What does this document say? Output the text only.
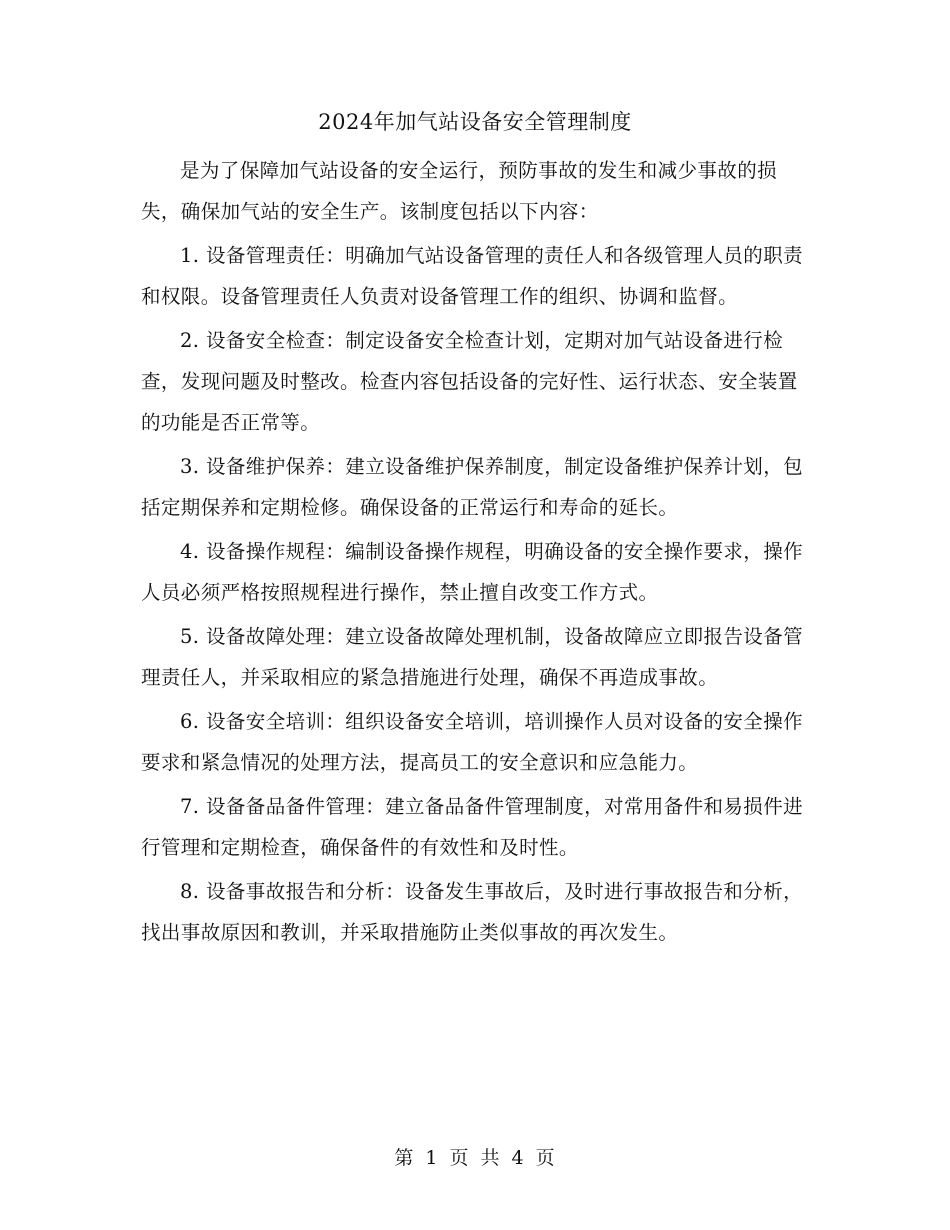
2024年加气站设备安全管理制度

是为了保障加气站设备的安全运行，预防事故的发生和减少事故的损失，确保加气站的安全生产。该制度包括以下内容：

1. 设备管理责任：明确加气站设备管理的责任人和各级管理人员的职责和权限。设备管理责任人负责对设备管理工作的组织、协调和监督。

2. 设备安全检查：制定设备安全检查计划，定期对加气站设备进行检查，发现问题及时整改。检查内容包括设备的完好性、运行状态、安全装置的功能是否正常等。

3. 设备维护保养：建立设备维护保养制度，制定设备维护保养计划，包括定期保养和定期检修。确保设备的正常运行和寿命的延长。

4. 设备操作规程：编制设备操作规程，明确设备的安全操作要求，操作人员必须严格按照规程进行操作，禁止擅自改变工作方式。

5. 设备故障处理：建立设备故障处理机制，设备故障应立即报告设备管理责任人，并采取相应的紧急措施进行处理，确保不再造成事故。

6. 设备安全培训：组织设备安全培训，培训操作人员对设备的安全操作要求和紧急情况的处理方法，提高员工的安全意识和应急能力。

7. 设备备品备件管理：建立备品备件管理制度，对常用备件和易损件进行管理和定期检查，确保备件的有效性和及时性。

8. 设备事故报告和分析：设备发生事故后，及时进行事故报告和分析，找出事故原因和教训，并采取措施防止类似事故的再次发生。

第 1 页 共 4 页
